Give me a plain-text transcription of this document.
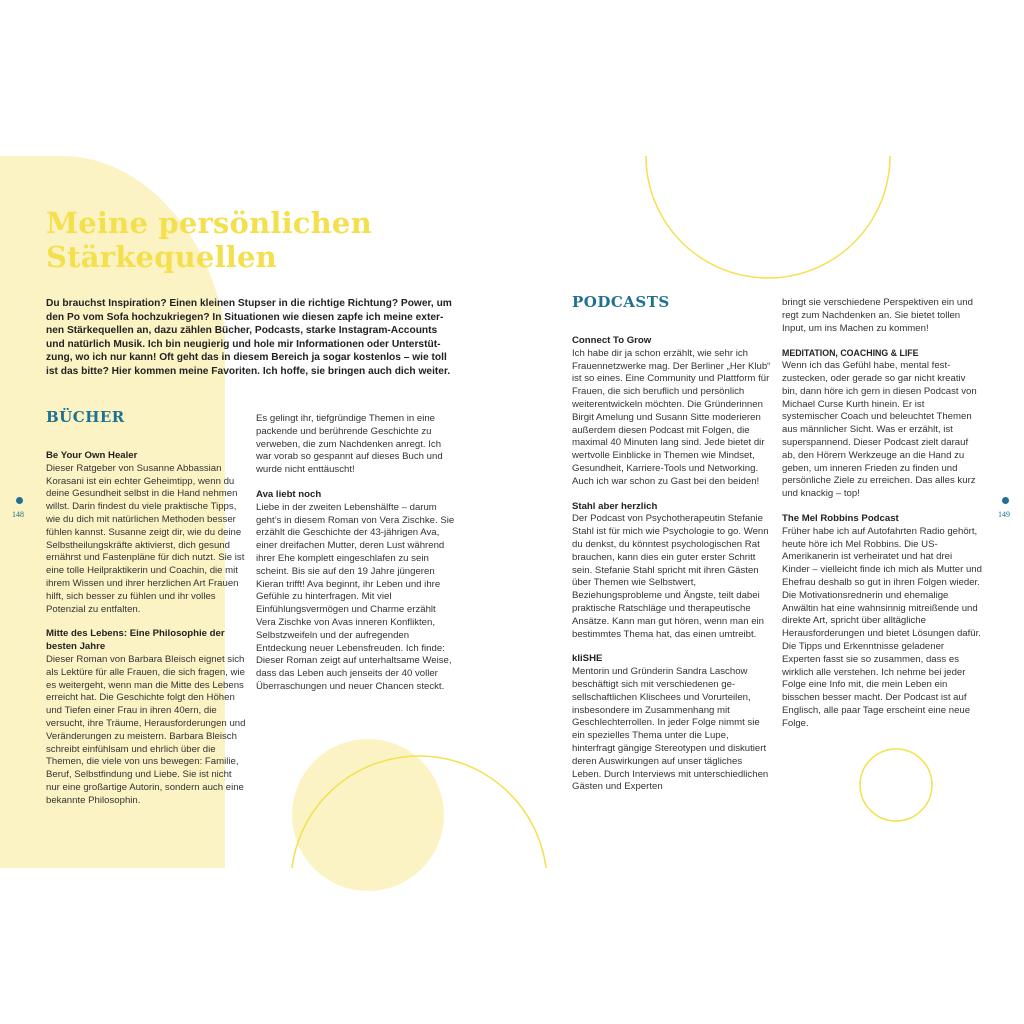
Meine persönlichen
Stärkequellen
Du brauchst Inspiration? Einen kleinen Stupser in die richtige Richtung? Power, um den Po vom Sofa hochzukriegen? In Situationen wie diesen zapfe ich meine externen Stärkequellen an, dazu zählen Bücher, Podcasts, starke Instagram-Accounts und natürlich Musik. Ich bin neugierig und hole mir Informationen oder Unterstützung, wo ich nur kann! Oft geht das in diesem Bereich ja sogar kostenlos – wie toll ist das bitte? Hier kommen meine Favoriten. Ich hoffe, sie bringen auch dich weiter.
BÜCHER

Be Your Own Healer
Dieser Ratgeber von Susanne Abbassian Korasani ist ein echter Geheimtipp, wenn du deine Gesundheit selbst in die Hand nehmen willst. Darin findest du viele praktische Tipps, wie du dich mit natürlichen Methoden besser fühlen kannst. Susanne zeigt dir, wie du deine Selbstheilungskräfte aktivierst, dich gesund ernährst und Fastenpläne für dich nutzt. Sie ist eine tolle Heilpraktikerin und Coachin, die mit ihrem Wissen und ihrer herzlichen Art Frauen hilft, sich besser zu fühlen und ihr volles Potenzial zu entfalten.

Mitte des Lebens: Eine Philosophie der besten Jahre
Dieser Roman von Barbara Bleisch eignet sich als Lektüre für alle Frauen, die sich fragen, wie es weitergeht, wenn man die Mitte des Lebens erreicht hat. Die Geschichte folgt den Höhen und Tiefen einer Frau in ihren 40ern, die versucht, ihre Träume, Herausforderungen und Veränderungen zu meistern. Barbara Bleisch schreibt einfühlsam und ehrlich über die Themen, die viele von uns bewegen: Familie, Beruf, Selbstfindung und Liebe. Sie ist nicht nur eine großartige Autorin, sondern auch eine bekannte Philosophin.

Es gelingt ihr, tiefgründige Themen in eine packende und berührende Geschichte zu verweben, die zum Nachdenken anregt. Ich war vorab so gespannt auf dieses Buch und wurde nicht enttäuscht!

Ava liebt noch
Liebe in der zweiten Lebenshälfte – darum geht’s in diesem Roman von Vera Zischke. Sie erzählt die Geschichte der 43-jährigen Ava, einer dreifachen Mutter, deren Lust während ihrer Ehe komplett eingeschlafen zu sein scheint. Bis sie auf den 19 Jahre jüngeren Kieran trifft! Ava beginnt, ihr Leben und ihre Gefühle zu hinterfragen. Mit viel Einfühlungsvermögen und Charme erzählt Vera Zischke von Avas inneren Konflikten, Selbstzweifeln und der aufregenden Entdeckung neuer Lebensfreuden. Ich finde: Dieser Roman zeigt auf unterhaltsame Weise, dass das Leben auch jenseits der 40 voller Überraschungen und neuer Chancen steckt.

PODCASTS

Connect To Grow
Ich habe dir ja schon erzählt, wie sehr ich Frauennetzwerke mag. Der Berliner „Her Klub“ ist so eines. Eine Community und Plattform für Frauen, die sich beruflich und persönlich weiterentwickeln möchten. Die Gründerinnen Birgit Amelung und Susann Sitte moderieren außerdem diesen Podcast mit Folgen, die maximal 40 Minuten lang sind. Jede bietet dir wertvolle Einblicke in Themen wie Mindset, Gesundheit, Karriere-Tools und Networking. Auch ich war schon zu Gast bei den beiden!

Stahl aber herzlich
Der Podcast von Psychotherapeutin Stefanie Stahl ist für mich wie Psychologie to go. Wenn du denkst, du könntest psychologischen Rat brauchen, kann dies ein guter erster Schritt sein. Stefanie Stahl spricht mit ihren Gästen über Themen wie Selbstwert, Beziehungsprobleme und Ängste, teilt dabei praktische Ratschläge und therapeutische Ansätze. Kann man gut hören, wenn man ein bestimmtes Thema hat, das einen umtreibt.

kliSHE
Mentorin und Gründerin Sandra Laschow beschäftigt sich mit verschiedenen gesellschaftlichen Klischees und Vorurteilen, insbesondere im Zusammenhang mit Geschlechterrollen. In jeder Folge nimmt sie ein spezielles Thema unter die Lupe, hinterfragt gängige Stereotypen und diskutiert deren Auswirkungen auf unser tägliches Leben. Durch Interviews mit unterschiedlichen Gästen und Experten

bringt sie verschiedene Perspektiven ein und regt zum Nachdenken an. Sie bietet tollen Input, um ins Machen zu kommen!

MEDITATION, COACHING & LIFE
Wenn ich das Gefühl habe, mental festzustecken, oder gerade so gar nicht kreativ bin, dann höre ich gern in diesen Podcast von Michael Curse Kurth hinein. Er ist systemischer Coach und beleuchtet Themen aus männlicher Sicht. Was er erzählt, ist superspannend. Dieser Podcast zielt darauf ab, den Hörern Werkzeuge an die Hand zu geben, um inneren Frieden zu finden und persönliche Ziele zu erreichen. Das alles kurz und knackig – top!

The Mel Robbins Podcast
Früher habe ich auf Autofahrten Radio gehört, heute höre ich Mel Robbins. Die US-Amerikanerin ist verheiratet und hat drei Kinder – vielleicht finde ich mich als Mutter und Ehefrau deshalb so gut in ihren Folgen wieder. Die Motivationsrednerin und ehemalige Anwältin hat eine wahnsinnig mitreißende und direkte Art, spricht über alltägliche Herausforderungen und bietet Lösungen dafür. Die Tipps und Erkenntnisse geladener Experten fasst sie so zusammen, dass es wirklich alle verstehen. Ich nehme bei jeder Folge eine Info mit, die mein Leben ein bisschen besser macht. Der Podcast ist auf Englisch, alle paar Tage erscheint eine neue Folge.

148	149
